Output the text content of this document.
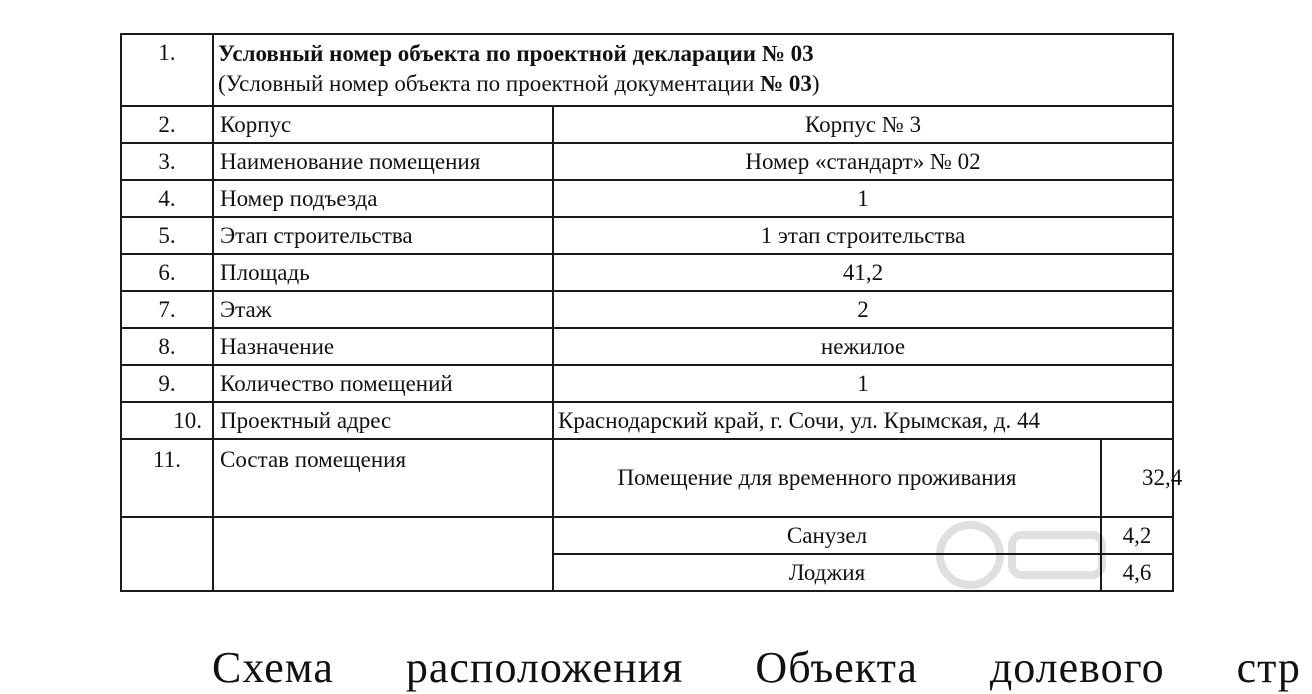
1.	Условный номер объекта по проектной декларации № 03
(Условный номер объекта по проектной документации № 03)		
2.	Корпус	Корпус № 3	
3.	Наименование помещения	Номер «стандарт» № 02	
4.	Номер подъезда	1	
5.	Этап строительства	1 этап строительства	
6.	Площадь	41,2	
7.	Этаж	2	
8.	Назначение	нежилое	
9.	Количество помещений	1	
10.	Проектный адрес	Краснодарский край, г. Сочи, ул. Крымская, д. 44	
11.	Состав помещения	Помещение для временного проживания	32,4
		Санузел	4,2
		Лоджия	4,6
Схема расположения Объекта долевого стр
